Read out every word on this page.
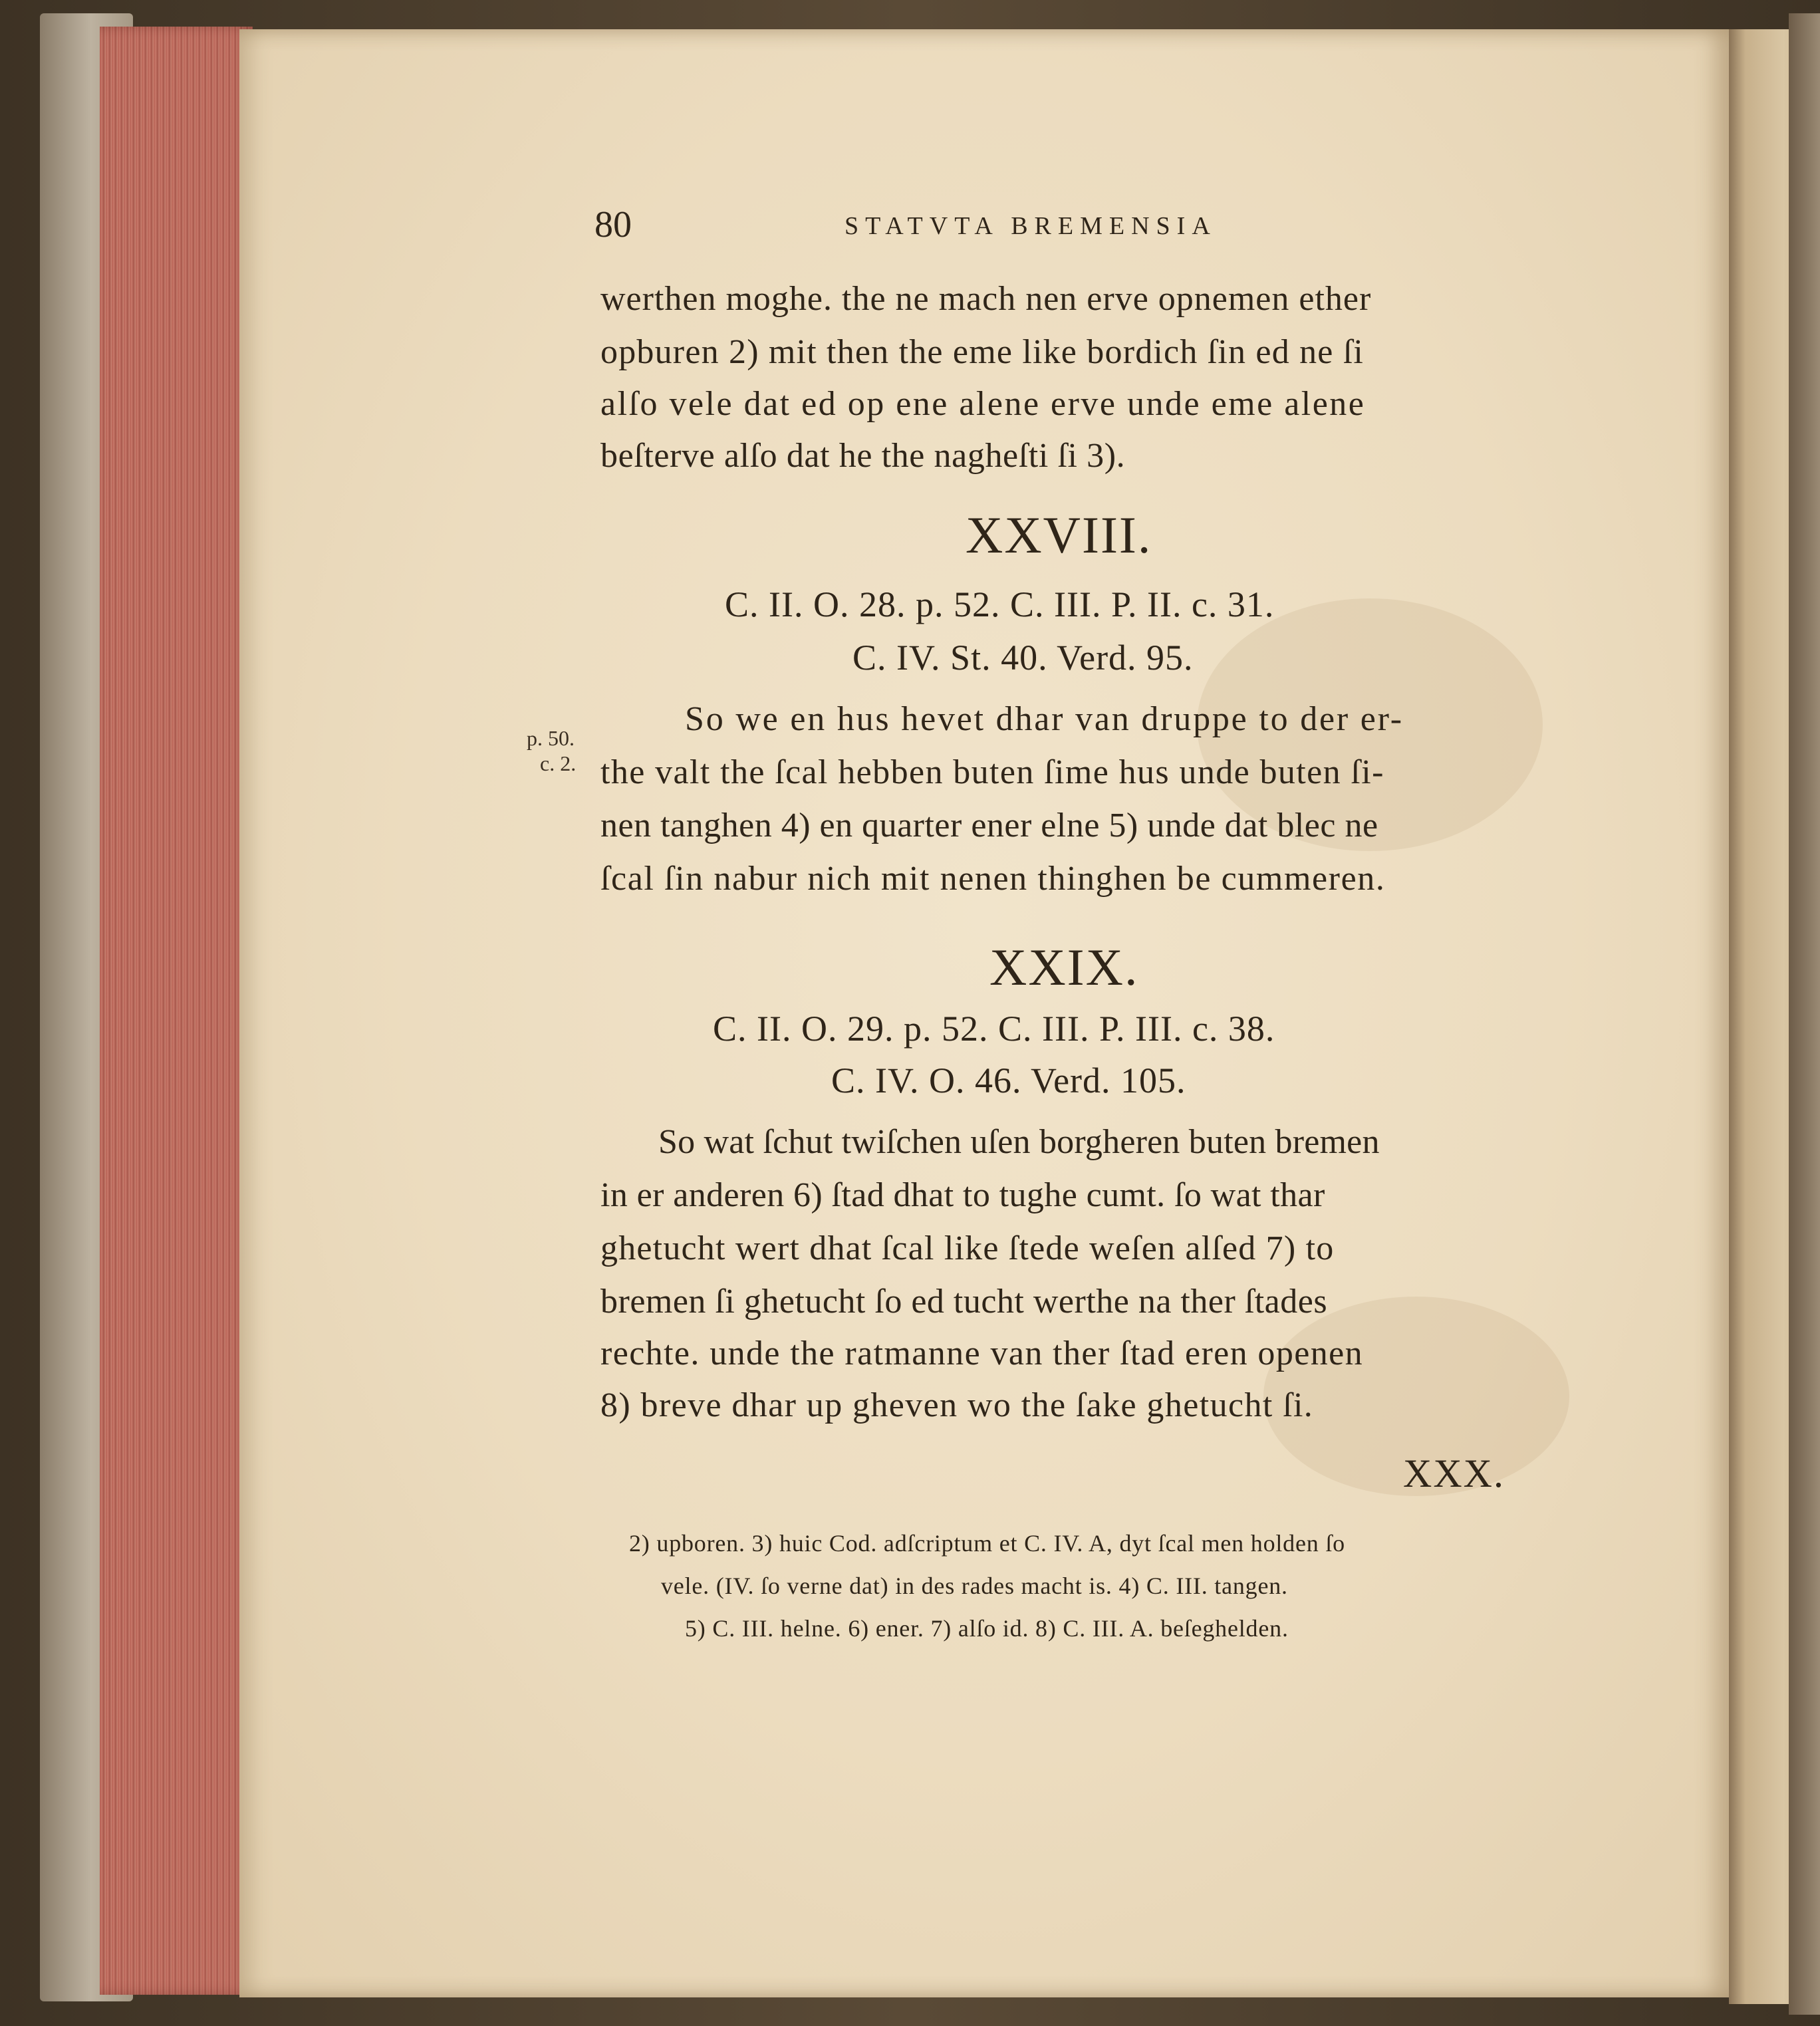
80	STATVTA BREMENSIA
werthen moghe. the ne mach nen erve opnemen ether
opburen 2) mit then the eme like bordich ſin ed ne ſi
alſo vele dat ed op ene alene erve unde eme alene
beſterve alſo dat he the nagheſti ſi 3).
XXVIII.
C. II. O. 28. p. 52. C. III. P. II. c. 31.
C. IV. St. 40. Verd. 95.
p. 50.
c. 2.
So we en hus hevet dhar van druppe to der er-
the valt the ſcal hebben buten ſime hus unde buten ſi-
nen tanghen 4) en quarter ener elne 5) unde dat blec ne
ſcal ſin nabur nich mit nenen thinghen be cummeren.
XXIX.
C. II. O. 29. p. 52. C. III. P. III. c. 38.
C. IV. O. 46. Verd. 105.
So wat ſchut twiſchen uſen borgheren buten bremen
in er anderen 6) ſtad dhat to tughe cumt. ſo wat thar
ghetucht wert dhat ſcal like ſtede weſen alſed 7) to
bremen ſi ghetucht ſo ed tucht werthe na ther ſtades
rechte. unde the ratmanne van ther ſtad eren openen
8) breve dhar up gheven wo the ſake ghetucht ſi.
XXX.
2) upboren. 3) huic Cod. adſcriptum et C. IV. A, dyt ſcal men holden ſo
vele. (IV. ſo verne dat) in des rades macht is. 4) C. III. tangen.
5) C. III. helne. 6) ener. 7) alſo id. 8) C. III. A. beſeghelden.
